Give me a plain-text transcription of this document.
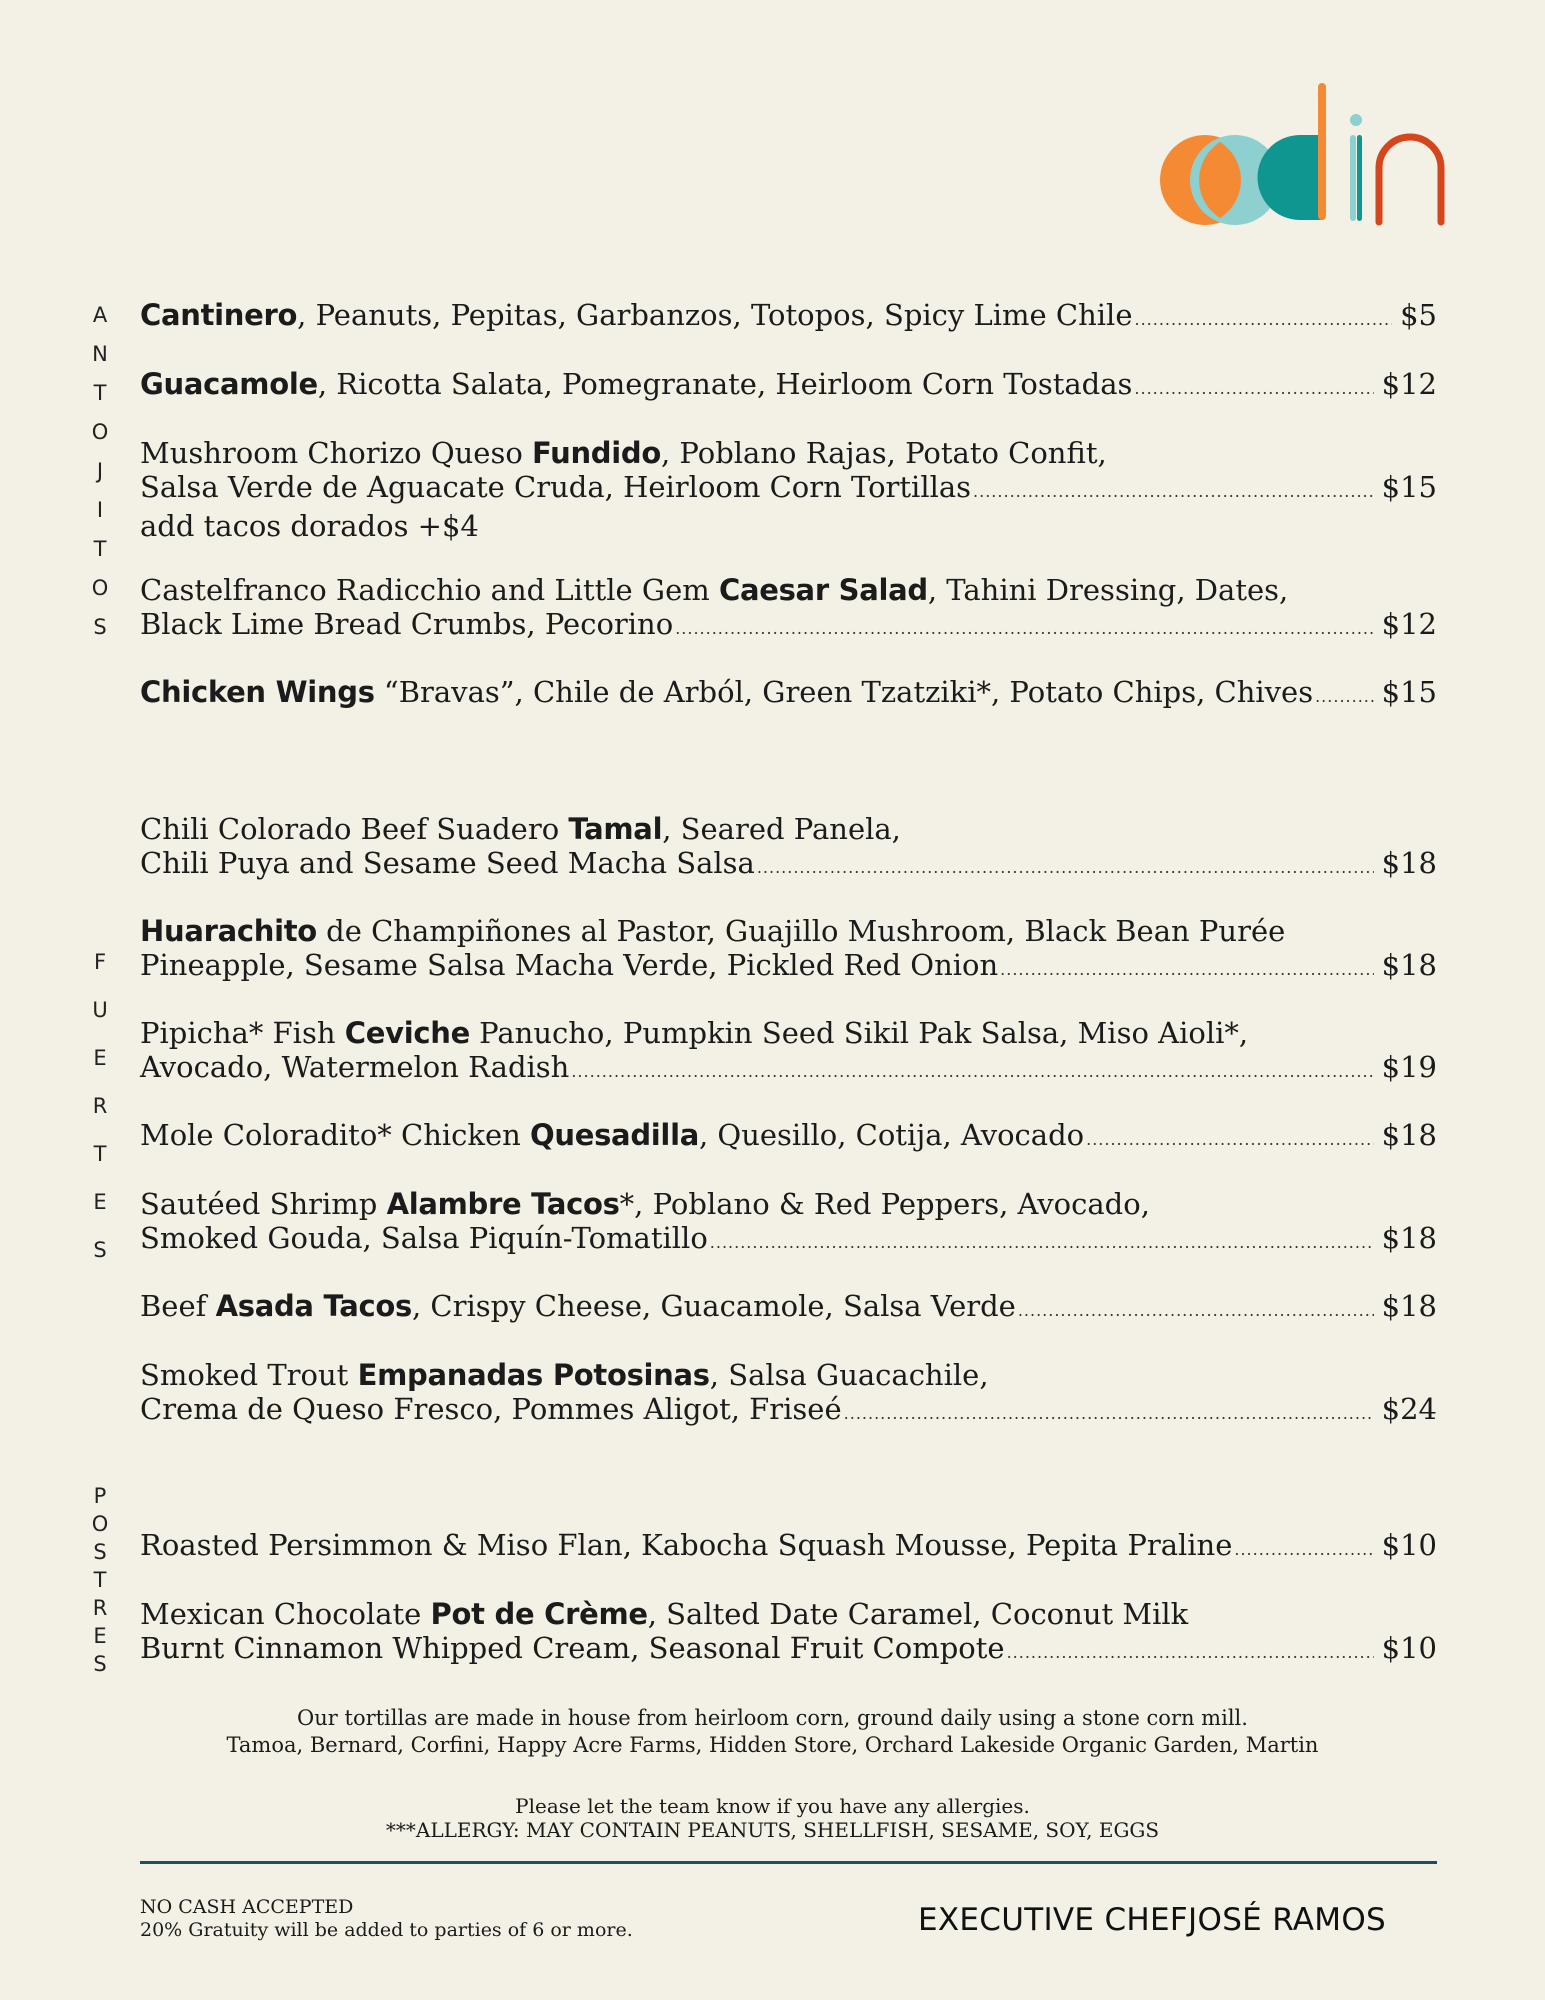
A
N
T
O
J
I
T
O
S
F
U
E
R
T
E
S
P
O
S
T
R
E
S
Cantinero, Peanuts, Pepitas, Garbanzos, Totopos, Spicy Lime Chile .....	$5
Guacamole, Ricotta Salata, Pomegranate, Heirloom Corn Tostadas .....	$12
Mushroom Chorizo Queso Fundido, Poblano Rajas, Potato Confit,
Salsa Verde de Aguacate Cruda, Heirloom Corn Tortillas .....	$15
add tacos dorados +$4
Castelfranco Radicchio and Little Gem Caesar Salad, Tahini Dressing, Dates,
Black Lime Bread Crumbs, Pecorino .....	$12
Chicken Wings “Bravas”, Chile de Arból, Green Tzatziki*, Potato Chips, Chives ..... $15
Chili Colorado Beef Suadero Tamal, Seared Panela,
Chili Puya and Sesame Seed Macha Salsa .....	$18
Huarachito de Champiñones al Pastor, Guajillo Mushroom, Black Bean Purée
Pineapple, Sesame Salsa Macha Verde, Pickled Red Onion .....	$18
Pipicha* Fish Ceviche Panucho, Pumpkin Seed Sikil Pak Salsa, Miso Aioli*,
Avocado, Watermelon Radish .....	$19
Mole Coloradito* Chicken Quesadilla, Quesillo, Cotija, Avocado .....	$18
Sautéed Shrimp Alambre Tacos*, Poblano & Red Peppers, Avocado,
Smoked Gouda, Salsa Piquín-Tomatillo .....	$18
Beef Asada Tacos, Crispy Cheese, Guacamole, Salsa Verde .....	$18
Smoked Trout Empanadas Potosinas, Salsa Guacachile,
Crema de Queso Fresco, Pommes Aligot, Friseé .....	$24
Roasted Persimmon & Miso Flan, Kabocha Squash Mousse, Pepita Praline .....	$10
Mexican Chocolate Pot de Crème, Salted Date Caramel, Coconut Milk
Burnt Cinnamon Whipped Cream, Seasonal Fruit Compote .....	$10
Our tortillas are made in house from heirloom corn, ground daily using a stone corn mill.
Tamoa, Bernard, Corfini, Happy Acre Farms, Hidden Store, Orchard Lakeside Organic Garden, Martin
Please let the team know if you have any allergies.
***ALLERGY: MAY CONTAIN PEANUTS, SHELLFISH, SESAME, SOY, EGGS
NO CASH ACCEPTED
20% Gratuity will be added to parties of 6 or more.	EXECUTIVE CHEFJOSÉ RAMOS
